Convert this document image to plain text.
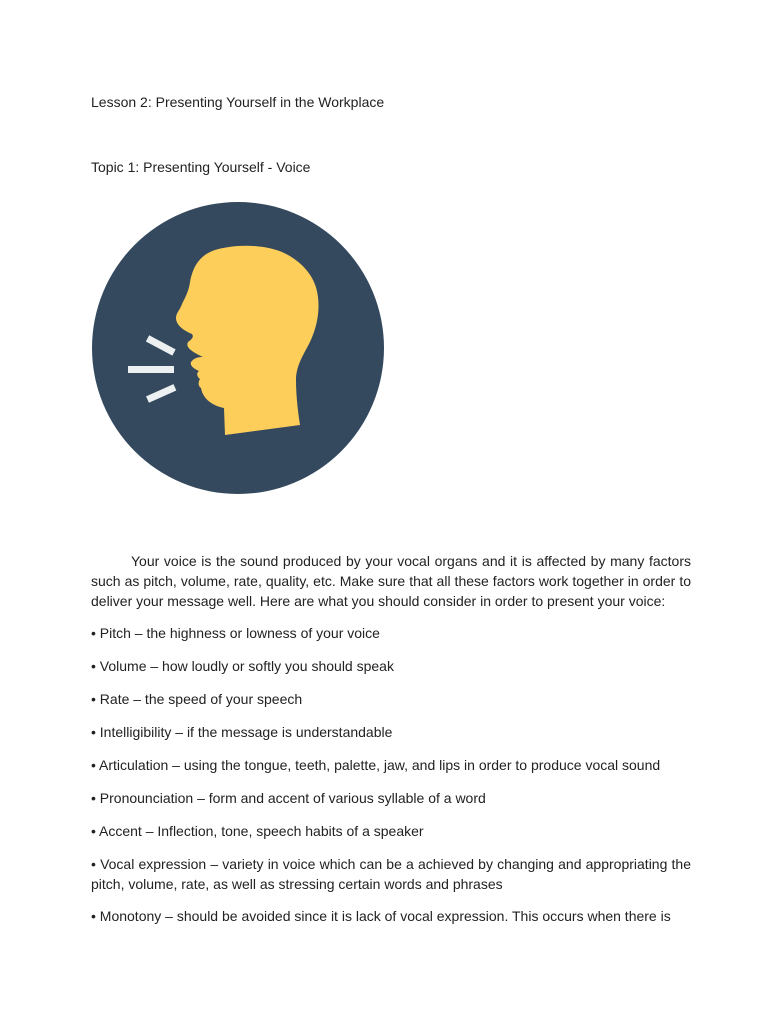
Lesson 2: Presenting Yourself in the Workplace

Topic 1: Presenting Yourself - Voice

Your voice is the sound produced by your vocal organs and it is affected by many factors such as pitch, volume, rate, quality, etc. Make sure that all these factors work together in order to deliver your message well. Here are what you should consider in order to present your voice:

• Pitch – the highness or lowness of your voice
• Volume – how loudly or softly you should speak
• Rate – the speed of your speech
• Intelligibility – if the message is understandable
• Articulation – using the tongue, teeth, palette, jaw, and lips in order to produce vocal sound
• Pronounciation – form and accent of various syllable of a word
• Accent – Inflection, tone, speech habits of a speaker
• Vocal expression – variety in voice which can be a achieved by changing and appropriating the pitch, volume, rate, as well as stressing certain words and phrases
• Monotony – should be avoided since it is lack of vocal expression. This occurs when there is
